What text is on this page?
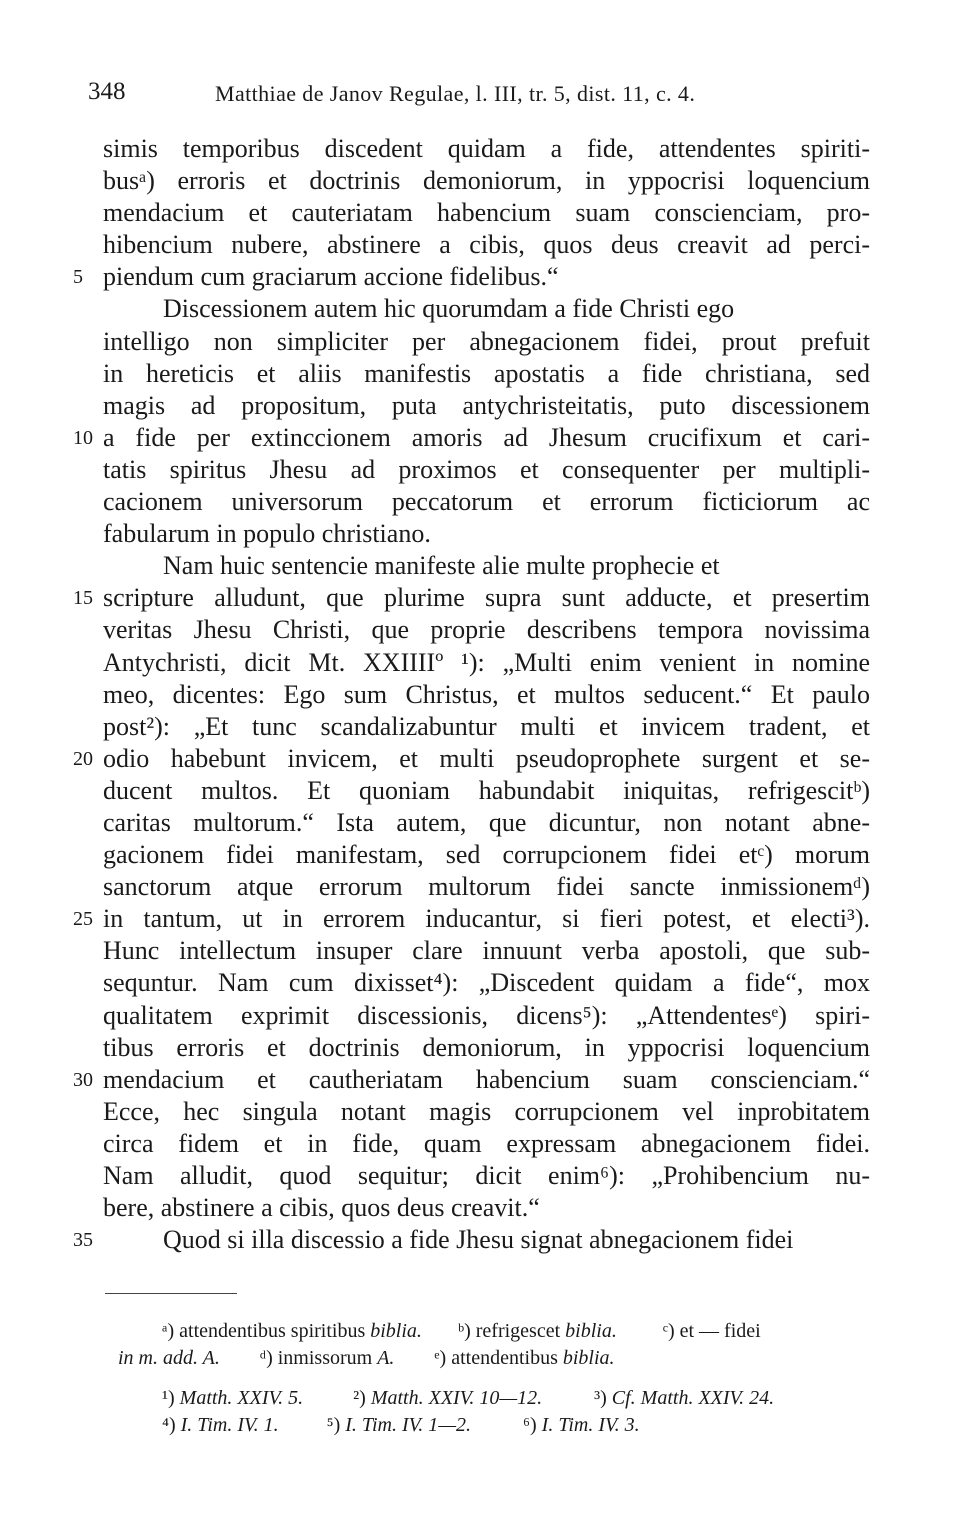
348	Matthiae de Janov Regulae, l. III, tr. 5, dist. 11, c. 4.
simis temporibus discedent quidam a fide, attendentes spiriti-
busᵃ) erroris et doctrinis demoniorum, in yppocrisi loquencium
mendacium et cauteriatam habencium suam conscienciam, pro-
hibencium nubere, abstinere a cibis, quos deus creavit ad perci-
5 piendum cum graciarum accione fidelibus.“
Discessionem autem hic quorumdam a fide Christi ego
intelligo non simpliciter per abnegacionem fidei, prout prefuit
in hereticis et aliis manifestis apostatis a fide christiana, sed
magis ad propositum, puta antychristeitatis, puto discessionem
10 a fide per extinccionem amoris ad Jhesum crucifixum et cari-
tatis spiritus Jhesu ad proximos et consequenter per multipli-
cacionem universorum peccatorum et errorum ficticiorum ac
fabularum in populo christiano.
Nam huic sentencie manifeste alie multe prophecie et
15 scripture alludunt, que plurime supra sunt adducte, et presertim
veritas Jhesu Christi, que proprie describens tempora novissima
Antychristi, dicit Mt. XXIIIIº ¹): „Multi enim venient in nomine
meo, dicentes: Ego sum Christus, et multos seducent.“ Et paulo
post²): „Et tunc scandalizabuntur multi et invicem tradent, et
20 odio habebunt invicem, et multi pseudoprophete surgent et se-
ducent multos. Et quoniam habundabit iniquitas, refrigescitᵇ)
caritas multorum.“ Ista autem, que dicuntur, non notant abne-
gacionem fidei manifestam, sed corrupcionem fidei etᶜ) morum
sanctorum atque errorum multorum fidei sancte inmissionemᵈ)
25 in tantum, ut in errorem inducantur, si fieri potest, et electi³).
Hunc intellectum insuper clare innuunt verba apostoli, que sub-
sequntur. Nam cum dixisset⁴): „Discedent quidam a fide“, mox
qualitatem exprimit discessionis, dicens⁵): „Attendentesᵉ) spiri-
tibus erroris et doctrinis demoniorum, in yppocrisi loquencium
30 mendacium et cautheriatam habencium suam conscienciam.“
Ecce, hec singula notant magis corrupcionem vel inprobitatem
circa fidem et in fide, quam expressam abnegacionem fidei.
Nam alludit, quod sequitur; dicit enim⁶): „Prohibencium nu-
bere, abstinere a cibis, quos deus creavit.“
35	Quod si illa discessio a fide Jhesu signat abnegacionem fidei
ᵃ) attendentibus spiritibus biblia. ᵇ) refrigescet biblia. ᶜ) et — fidei
in m. add. A. ᵈ) inmissorum A. ᵉ) attendentibus biblia.
¹) Matth. XXIV. 5.	²) Matth. XXIV. 10—12.	³) Cf. Matth. XXIV. 24.
⁴) I. Tim. IV. 1. ⁵) I. Tim. IV. 1—2.	⁶) I. Tim. IV. 3.
